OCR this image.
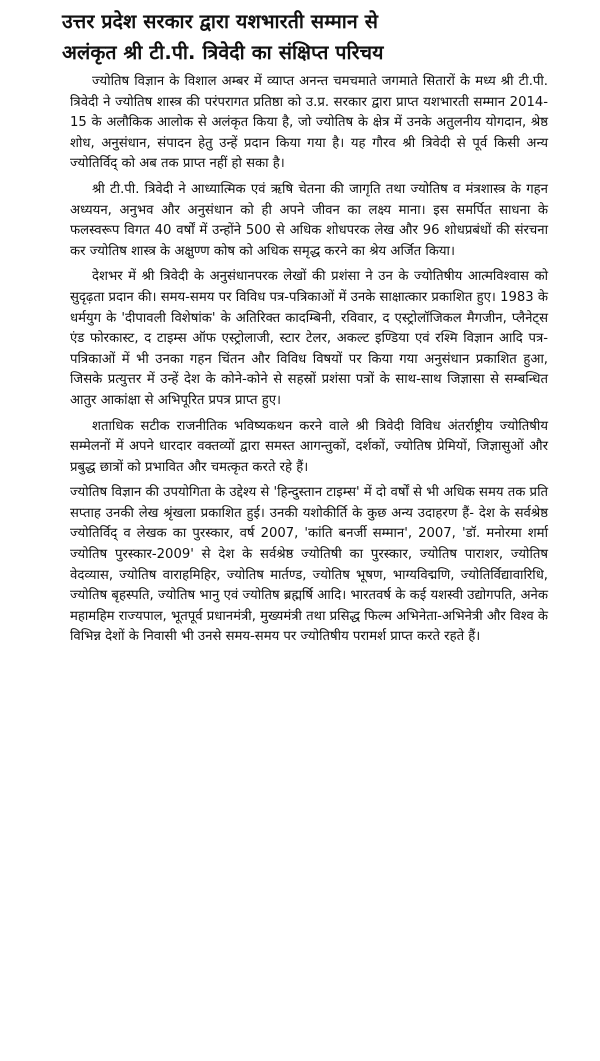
उत्तर प्रदेश सरकार द्वारा यशभारती सम्मान से
अलंकृत श्री टी.पी. त्रिवेदी का संक्षिप्त परिचय

ज्योतिष विज्ञान के विशाल अम्बर में व्याप्त अनन्त चमचमाते जगमाते सितारों के मध्य श्री टी.पी. त्रिवेदी ने ज्योतिष शास्त्र की परंपरागत प्रतिष्ठा को उ.प्र. सरकार द्वारा प्राप्त यशभारती सम्मान 2014-15 के अलौकिक आलोक से अलंकृत किया है, जो ज्योतिष के क्षेत्र में उनके अतुलनीय योगदान, श्रेष्ठ शोध, अनुसंधान, संपादन हेतु उन्हें प्रदान किया गया है। यह गौरव श्री त्रिवेदी से पूर्व किसी अन्य ज्योतिर्विद् को अब तक प्राप्त नहीं हो सका है।

श्री टी.पी. त्रिवेदी ने आध्यात्मिक एवं ऋषि चेतना की जागृति तथा ज्योतिष व मंत्रशास्त्र के गहन अध्ययन, अनुभव और अनुसंधान को ही अपने जीवन का लक्ष्य माना। इस समर्पित साधना के फलस्वरूप विगत 40 वर्षों में उन्होंने 500 से अधिक शोधपरक लेख और 96 शोधप्रबंधों की संरचना कर ज्योतिष शास्त्र के अक्षुण्ण कोष को अधिक समृद्ध करने का श्रेय अर्जित किया।

देशभर में श्री त्रिवेदी के अनुसंधानपरक लेखों की प्रशंसा ने उन के ज्योतिषीय आत्मविश्वास को सुदृढ़ता प्रदान की। समय-समय पर विविध पत्र-पत्रिकाओं में उनके साक्षात्कार प्रकाशित हुए। 1983 के धर्मयुग के 'दीपावली विशेषांक' के अतिरिक्त कादम्बिनी, रविवार, द एस्ट्रोलॉजिकल मैगजीन, प्लैनेट्स एंड फोरकास्ट, द टाइम्स ऑफ एस्ट्रोलाजी, स्टार टेलर, अकल्ट इण्डिया एवं रश्मि विज्ञान आदि पत्र-पत्रिकाओं में भी उनका गहन चिंतन और विविध विषयों पर किया गया अनुसंधान प्रकाशित हुआ, जिसके प्रत्युत्तर में उन्हें देश के कोने-कोने से सहस्रों प्रशंसा पत्रों के साथ-साथ जिज्ञासा से सम्बन्धित आतुर आकांक्षा से अभिपूरित प्रपत्र प्राप्त हुए।

शताधिक सटीक राजनीतिक भविष्यकथन करने वाले श्री त्रिवेदी विविध अंतर्राष्ट्रीय ज्योतिषीय सम्मेलनों में अपने धारदार वक्तव्यों द्वारा समस्त आगन्तुकों, दर्शकों, ज्योतिष प्रेमियों, जिज्ञासुओं और प्रबुद्ध छात्रों को प्रभावित और चमत्कृत करते रहे हैं।

ज्योतिष विज्ञान की उपयोगिता के उद्देश्य से 'हिन्दुस्तान टाइम्स' में दो वर्षों से भी अधिक समय तक प्रति सप्ताह उनकी लेख श्रृंखला प्रकाशित हुई। उनकी यशोकीर्ति के कुछ अन्य उदाहरण हैं- देश के सर्वश्रेष्ठ ज्योतिर्विद् व लेखक का पुरस्कार, वर्ष 2007, 'कांति बनर्जी सम्मान', 2007, 'डॉ. मनोरमा शर्मा ज्योतिष पुरस्कार-2009' से देश के सर्वश्रेष्ठ ज्योतिषी का पुरस्कार, ज्योतिष पाराशर, ज्योतिष वेदव्यास, ज्योतिष वाराहमिहिर, ज्योतिष मार्तण्ड, ज्योतिष भूषण, भाग्यविद्मणि, ज्योतिर्विद्यावारिधि, ज्योतिष बृहस्पति, ज्योतिष भानु एवं ज्योतिष ब्रह्मर्षि आदि। भारतवर्ष के कई यशस्वी उद्योगपति, अनेक महामहिम राज्यपाल, भूतपूर्व प्रधानमंत्री, मुख्यमंत्री तथा प्रसिद्ध फिल्म अभिनेता-अभिनेत्री और विश्व के विभिन्न देशों के निवासी भी उनसे समय-समय पर ज्योतिषीय परामर्श प्राप्त करते रहते हैं।
